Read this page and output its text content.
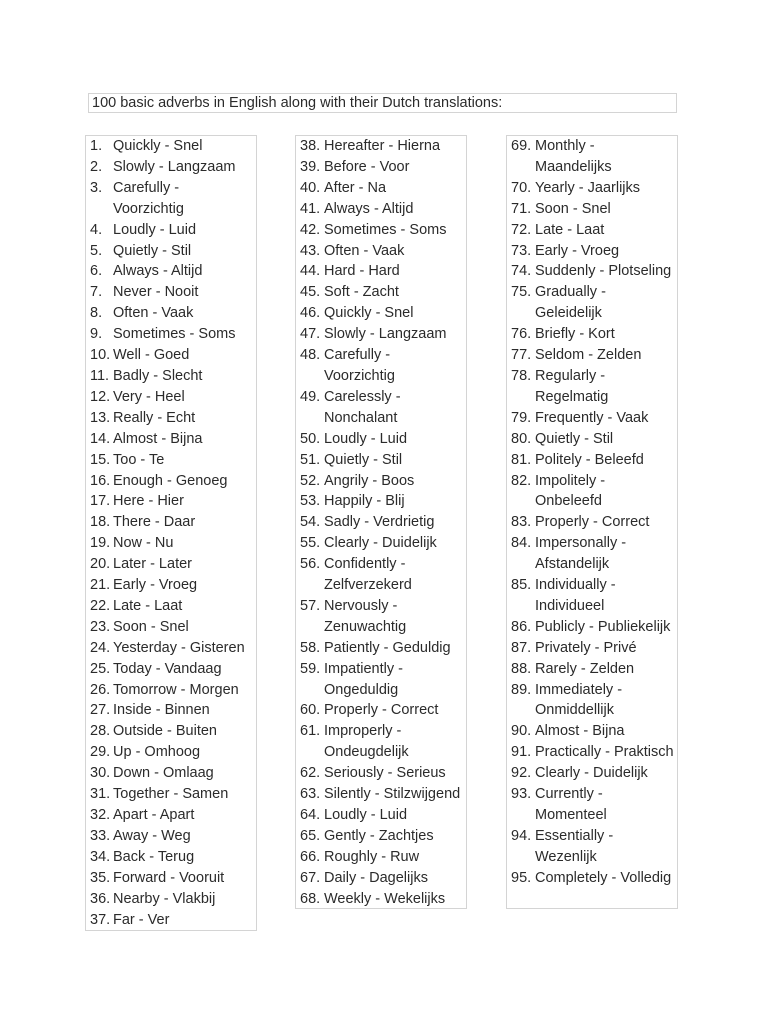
100 basic adverbs in English along with their Dutch translations:
1. Quickly - Snel
2. Slowly - Langzaam
3. Carefully - Voorzichtig
4. Loudly - Luid
5. Quietly - Stil
6. Always - Altijd
7. Never - Nooit
8. Often - Vaak
9. Sometimes - Soms
10. Well - Goed
11. Badly - Slecht
12. Very - Heel
13. Really - Echt
14. Almost - Bijna
15. Too - Te
16. Enough - Genoeg
17. Here - Hier
18. There - Daar
19. Now - Nu
20. Later - Later
21. Early - Vroeg
22. Late - Laat
23. Soon - Snel
24. Yesterday - Gisteren
25. Today - Vandaag
26. Tomorrow - Morgen
27. Inside - Binnen
28. Outside - Buiten
29. Up - Omhoog
30. Down - Omlaag
31. Together - Samen
32. Apart - Apart
33. Away - Weg
34. Back - Terug
35. Forward - Vooruit
36. Nearby - Vlakbij
37. Far - Ver
38. Hereafter - Hierna
39. Before - Voor
40. After - Na
41. Always - Altijd
42. Sometimes - Soms
43. Often - Vaak
44. Hard - Hard
45. Soft - Zacht
46. Quickly - Snel
47. Slowly - Langzaam
48. Carefully - Voorzichtig
49. Carelessly - Nonchalant
50. Loudly - Luid
51. Quietly - Stil
52. Angrily - Boos
53. Happily - Blij
54. Sadly - Verdrietig
55. Clearly - Duidelijk
56. Confidently - Zelfverzekerd
57. Nervously - Zenuwachtig
58. Patiently - Geduldig
59. Impatiently - Ongeduldig
60. Properly - Correct
61. Improperly - Ondeugdelijk
62. Seriously - Serieus
63. Silently - Stilzwijgend
64. Loudly - Luid
65. Gently - Zachtjes
66. Roughly - Ruw
67. Daily - Dagelijks
68. Weekly - Wekelijks
69. Monthly - Maandelijks
70. Yearly - Jaarlijks
71. Soon - Snel
72. Late - Laat
73. Early - Vroeg
74. Suddenly - Plotseling
75. Gradually - Geleidelijk
76. Briefly - Kort
77. Seldom - Zelden
78. Regularly - Regelmatig
79. Frequently - Vaak
80. Quietly - Stil
81. Politely - Beleefd
82. Impolitely - Onbeleefd
83. Properly - Correct
84. Impersonally - Afstandelijk
85. Individually - Individueel
86. Publicly - Publiekelijk
87. Privately - Privé
88. Rarely - Zelden
89. Immediately - Onmiddellijk
90. Almost - Bijna
91. Practically - Praktisch
92. Clearly - Duidelijk
93. Currently - Momenteel
94. Essentially - Wezenlijk
95. Completely - Volledig
